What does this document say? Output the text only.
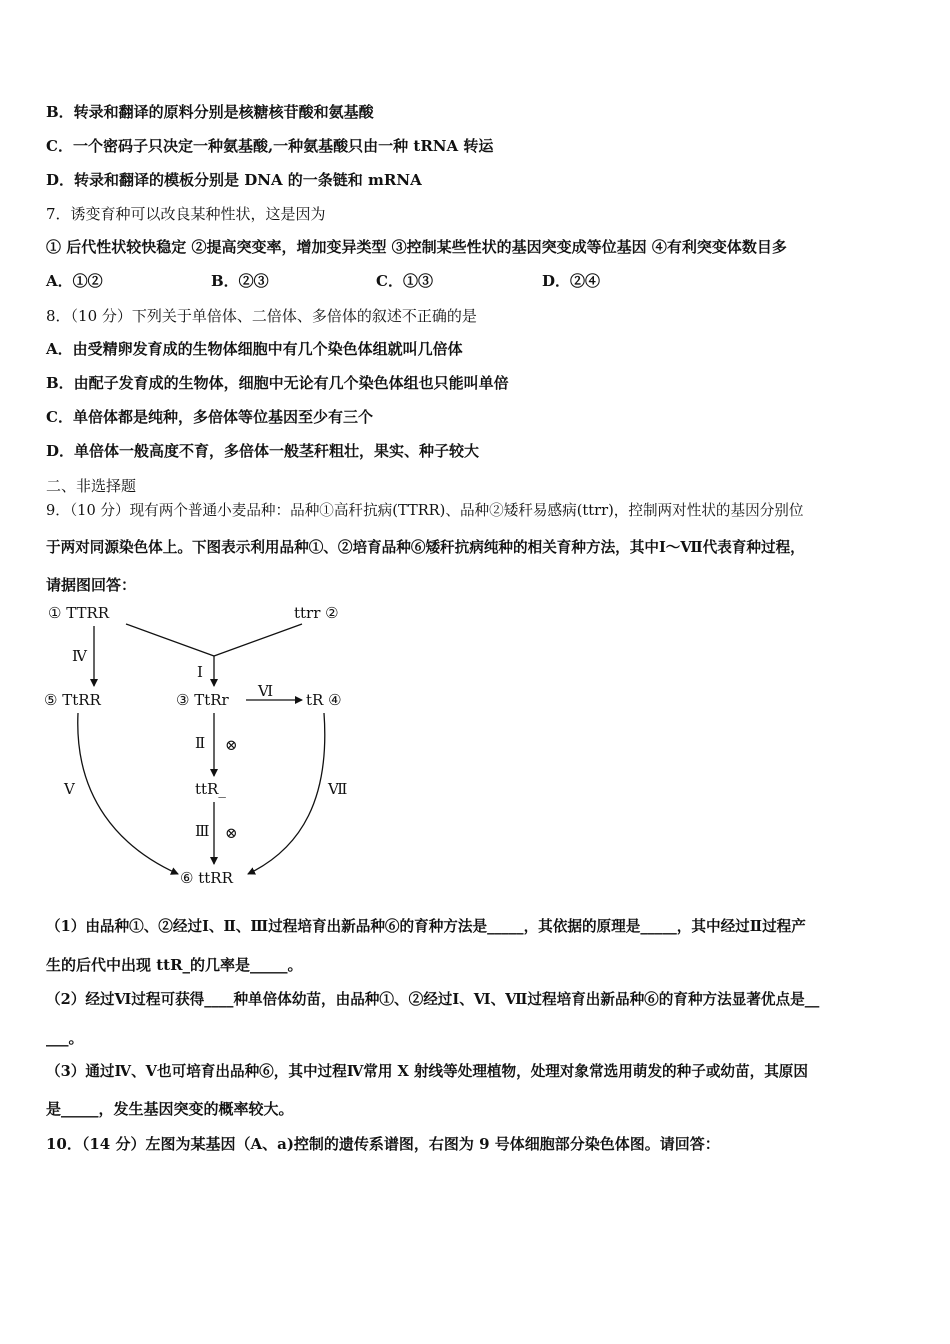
B．转录和翻译的原料分别是核糖核苷酸和氨基酸
C．一个密码子只决定一种氨基酸,一种氨基酸只由一种 tRNA 转运
D．转录和翻译的模板分别是 DNA 的一条链和 mRNA
7．诱变育种可以改良某种性状，这是因为
① 后代性状较快稳定 ②提高突变率，增加变异类型 ③控制某些性状的基因突变成等位基因 ④有利突变体数目多
A．①②	B．②③	C．①③	D．②④
8．（10 分）下列关于单倍体、二倍体、多倍体的叙述不正确的是
A．由受精卵发育成的生物体细胞中有几个染色体组就叫几倍体
B．由配子发育成的生物体，细胞中无论有几个染色体组也只能叫单倍
C．单倍体都是纯种，多倍体等位基因至少有三个
D．单倍体一般高度不育，多倍体一般茎秆粗壮，果实、种子较大
二、非选择题
9．（10 分）现有两个普通小麦品种：品种①高秆抗病(TTRR)、品种②矮秆易感病(ttrr)，控制两对性状的基因分别位
于两对同源染色体上。下图表示利用品种①、②培育品种⑥矮秆抗病纯种的相关育种方法，其中Ⅰ～Ⅶ代表育种过程，
请据图回答：
① TTRR	ttrr ②
⑤ TtRR	③ TtRr	tR ④
ttR_
⑥ ttRR
Ⅳ
Ⅰ
Ⅵ
Ⅱ ⊗
Ⅴ	Ⅶ
Ⅲ ⊗
（1）由品种①、②经过Ⅰ、Ⅱ、Ⅲ过程培育出新品种⑥的育种方法是_____，其依据的原理是_____，其中经过Ⅱ过程产
生的后代中出现 ttR_的几率是_____。
（2）经过Ⅵ过程可获得____种单倍体幼苗，由品种①、②经过Ⅰ、Ⅵ、Ⅶ过程培育出新品种⑥的育种方法显著优点是__
___。
（3）通过Ⅳ、Ⅴ也可培育出品种⑥，其中过程Ⅳ常用 X 射线等处理植物，处理对象常选用萌发的种子或幼苗，其原因
是_____，发生基因突变的概率较大。
10．（14 分）左图为某基因（A、a)控制的遗传系谱图，右图为 9 号体细胞部分染色体图。请回答：
